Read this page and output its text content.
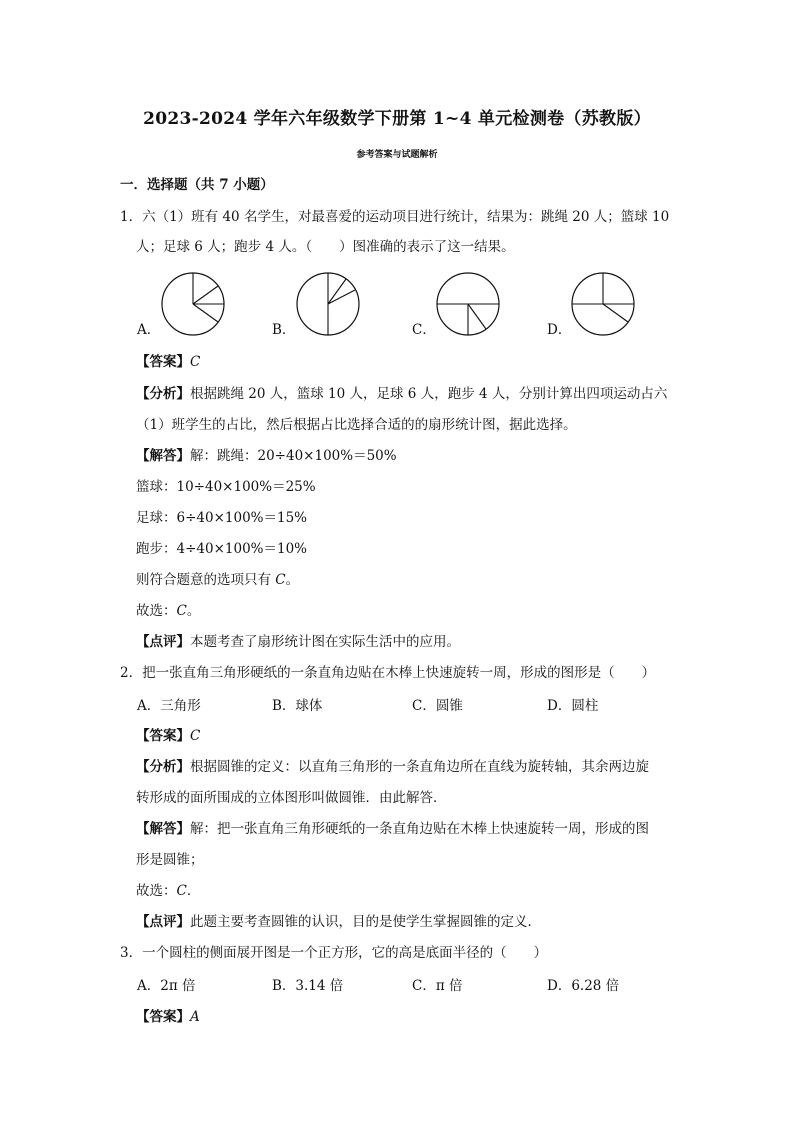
2023-2024 学年六年级数学下册第 1~4 单元检测卷（苏教版）
参考答案与试题解析
一．选择题（共 7 小题）
1．六（1）班有 40 名学生，对最喜爱的运动项目进行统计，结果为：跳绳 20 人；篮球 10
人；足球 6 人；跑步 4 人。（　　）图准确的表示了这一结果。
A．	B．	C．	D．
【答案】C
【分析】根据跳绳 20 人，篮球 10 人，足球 6 人，跑步 4 人，分别计算出四项运动占六
（1）班学生的占比，然后根据占比选择合适的的扇形统计图，据此选择。
【解答】解：跳绳：20÷40×100%＝50%
篮球：10÷40×100%＝25%
足球：6÷40×100%＝15%
跑步：4÷40×100%＝10%
则符合题意的选项只有 C。
故选：C。
【点评】本题考查了扇形统计图在实际生活中的应用。
2．把一张直角三角形硬纸的一条直角边贴在木棒上快速旋转一周，形成的图形是（　　）
A．三角形	B．球体	C．圆锥	D．圆柱
【答案】C
【分析】根据圆锥的定义：以直角三角形的一条直角边所在直线为旋转轴，其余两边旋
转形成的面所围成的立体图形叫做圆锥．由此解答．
【解答】解：把一张直角三角形硬纸的一条直角边贴在木棒上快速旋转一周，形成的图
形是圆锥；
故选：C．
【点评】此题主要考查圆锥的认识，目的是使学生掌握圆锥的定义．
3．一个圆柱的侧面展开图是一个正方形，它的高是底面半径的（　　）
A．2π 倍	B．3.14 倍	C．π 倍	D．6.28 倍
【答案】A
